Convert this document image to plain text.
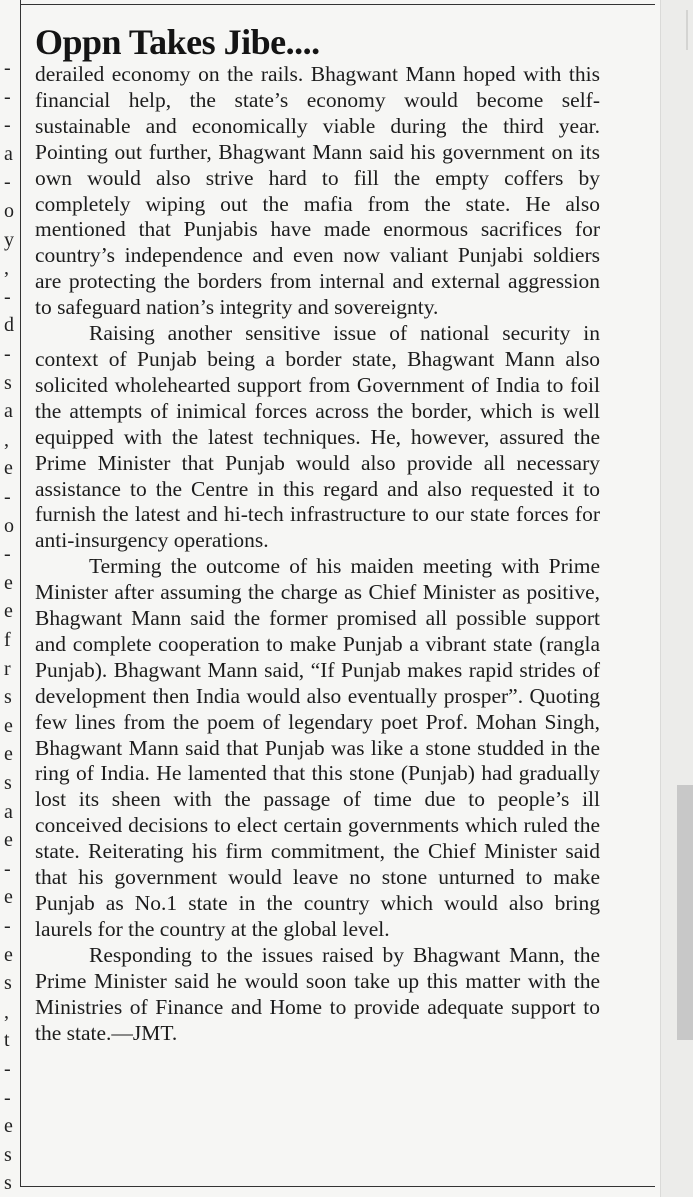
-
-
-
a
-
o
y
,
-
d
-
s
a
,
e
-
o
-
e
e
f
r
s
e
e
s
a
e
-
e
-
e
s
,
t
-
-
e
s
s
Oppn Takes Jibe....

derailed economy on the rails. Bhagwant Mann hoped with this financial help, the state’s economy would become self-sustainable and economically viable during the third year. Pointing out further, Bhagwant Mann said his government on its own would also strive hard to fill the empty coffers by completely wiping out the mafia from the state. He also mentioned that Punjabis have made enormous sacrifices for country’s independence and even now valiant Punjabi soldiers are protecting the borders from internal and external aggression to safeguard nation’s integrity and sovereignty.

Raising another sensitive issue of national security in context of Punjab being a border state, Bhagwant Mann also solicited wholehearted support from Government of India to foil the attempts of inimical forces across the border, which is well equipped with the latest techniques. He, however, assured the Prime Minister that Punjab would also provide all necessary assistance to the Centre in this regard and also requested it to furnish the latest and hi-tech infrastructure to our state forces for anti-insurgency operations.

Terming the outcome of his maiden meeting with Prime Minister after assuming the charge as Chief Minister as positive, Bhagwant Mann said the former promised all possible support and complete cooperation to make Punjab a vibrant state (rangla Punjab). Bhagwant Mann said, “If Punjab makes rapid strides of development then India would also eventually prosper”. Quoting few lines from the poem of legendary poet Prof. Mohan Singh, Bhagwant Mann said that Punjab was like a stone studded in the ring of India. He lamented that this stone (Punjab) had gradually lost its sheen with the passage of time due to people’s ill conceived decisions to elect certain governments which ruled the state. Reiterating his firm commitment, the Chief Minister said that his government would leave no stone unturned to make Punjab as No.1 state in the country which would also bring laurels for the country at the global level.

Responding to the issues raised by Bhagwant Mann, the Prime Minister said he would soon take up this matter with the Ministries of Finance and Home to provide adequate support to the state.—JMT.
